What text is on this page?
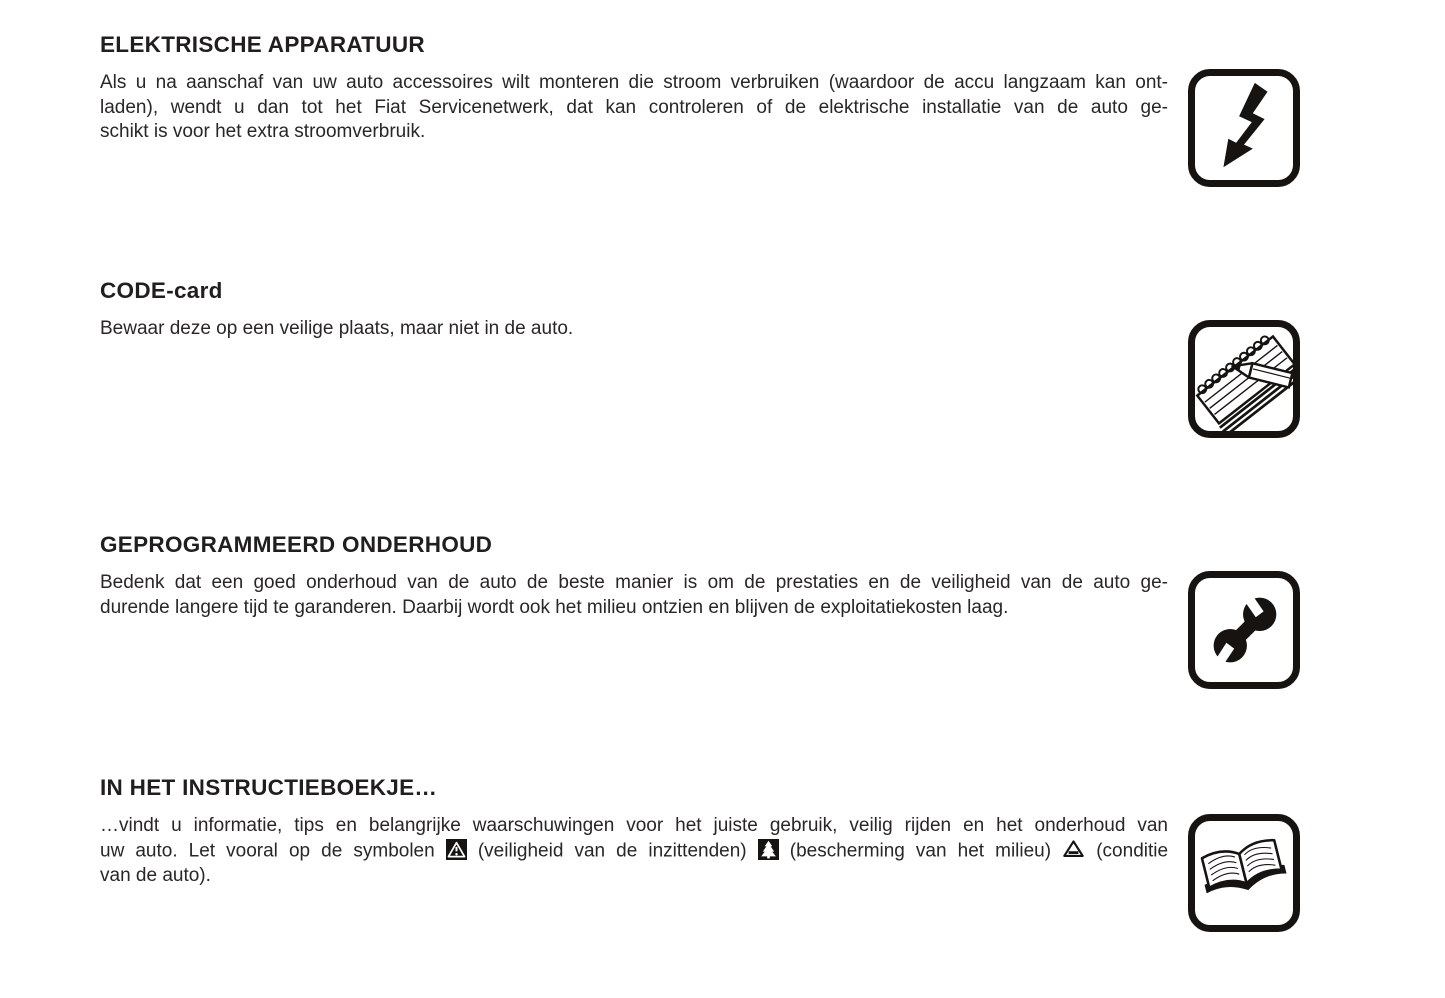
ELEKTRISCHE APPARATUUR

Als u na aanschaf van uw auto accessoires wilt monteren die stroom verbruiken (waardoor de accu langzaam kan ont-
laden), wendt u dan tot het Fiat Servicenetwerk, dat kan controleren of de elektrische installatie van de auto ge-
schikt is voor het extra stroomverbruik.

CODE-card

Bewaar deze op een veilige plaats, maar niet in de auto.

GEPROGRAMMEERD ONDERHOUD

Bedenk dat een goed onderhoud van de auto de beste manier is om de prestaties en de veiligheid van de auto ge-
durende langere tijd te garanderen. Daarbij wordt ook het milieu ontzien en blijven de exploitatiekosten laag.

IN HET INSTRUCTIEBOEKJE…

…vindt u informatie, tips en belangrijke waarschuwingen voor het juiste gebruik, veilig rijden en het onderhoud van
uw auto. Let vooral op de symbolen (veiligheid van de inzittenden) (bescherming van het milieu) (conditie
van de auto).
